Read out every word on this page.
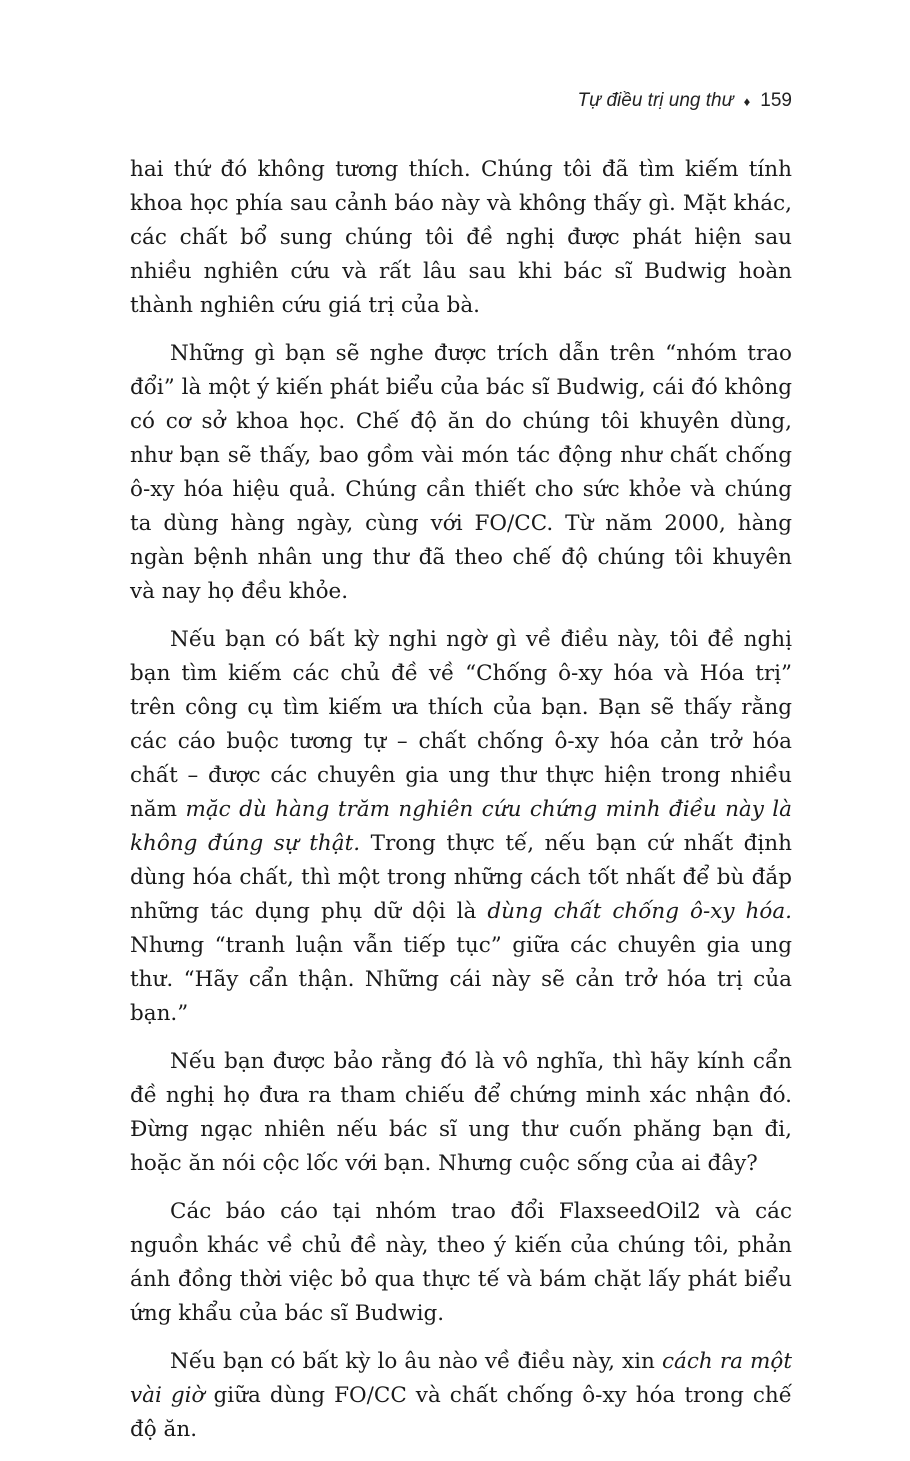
Tự điều trị ung thư ♦ 159

hai thứ đó không tương thích. Chúng tôi đã tìm kiếm tính khoa học phía sau cảnh báo này và không thấy gì. Mặt khác, các chất bổ sung chúng tôi đề nghị được phát hiện sau nhiều nghiên cứu và rất lâu sau khi bác sĩ Budwig hoàn thành nghiên cứu giá trị của bà.

Những gì bạn sẽ nghe được trích dẫn trên “nhóm trao đổi” là một ý kiến phát biểu của bác sĩ Budwig, cái đó không có cơ sở khoa học. Chế độ ăn do chúng tôi khuyên dùng, như bạn sẽ thấy, bao gồm vài món tác động như chất chống ô-xy hóa hiệu quả. Chúng cần thiết cho sức khỏe và chúng ta dùng hàng ngày, cùng với FO/CC. Từ năm 2000, hàng ngàn bệnh nhân ung thư đã theo chế độ chúng tôi khuyên và nay họ đều khỏe.

Nếu bạn có bất kỳ nghi ngờ gì về điều này, tôi đề nghị bạn tìm kiếm các chủ đề về “Chống ô-xy hóa và Hóa trị” trên công cụ tìm kiếm ưa thích của bạn. Bạn sẽ thấy rằng các cáo buộc tương tự – chất chống ô-xy hóa cản trở hóa chất – được các chuyên gia ung thư thực hiện trong nhiều năm mặc dù hàng trăm nghiên cứu chứng minh điều này là không đúng sự thật. Trong thực tế, nếu bạn cứ nhất định dùng hóa chất, thì một trong những cách tốt nhất để bù đắp những tác dụng phụ dữ dội là dùng chất chống ô-xy hóa. Nhưng “tranh luận vẫn tiếp tục” giữa các chuyên gia ung thư. “Hãy cẩn thận. Những cái này sẽ cản trở hóa trị của bạn.”

Nếu bạn được bảo rằng đó là vô nghĩa, thì hãy kính cẩn đề nghị họ đưa ra tham chiếu để chứng minh xác nhận đó. Đừng ngạc nhiên nếu bác sĩ ung thư cuốn phăng bạn đi, hoặc ăn nói cộc lốc với bạn. Nhưng cuộc sống của ai đây?

Các báo cáo tại nhóm trao đổi FlaxseedOil2 và các nguồn khác về chủ đề này, theo ý kiến của chúng tôi, phản ánh đồng thời việc bỏ qua thực tế và bám chặt lấy phát biểu ứng khẩu của bác sĩ Budwig.

Nếu bạn có bất kỳ lo âu nào về điều này, xin cách ra một vài giờ giữa dùng FO/CC và chất chống ô-xy hóa trong chế độ ăn.
